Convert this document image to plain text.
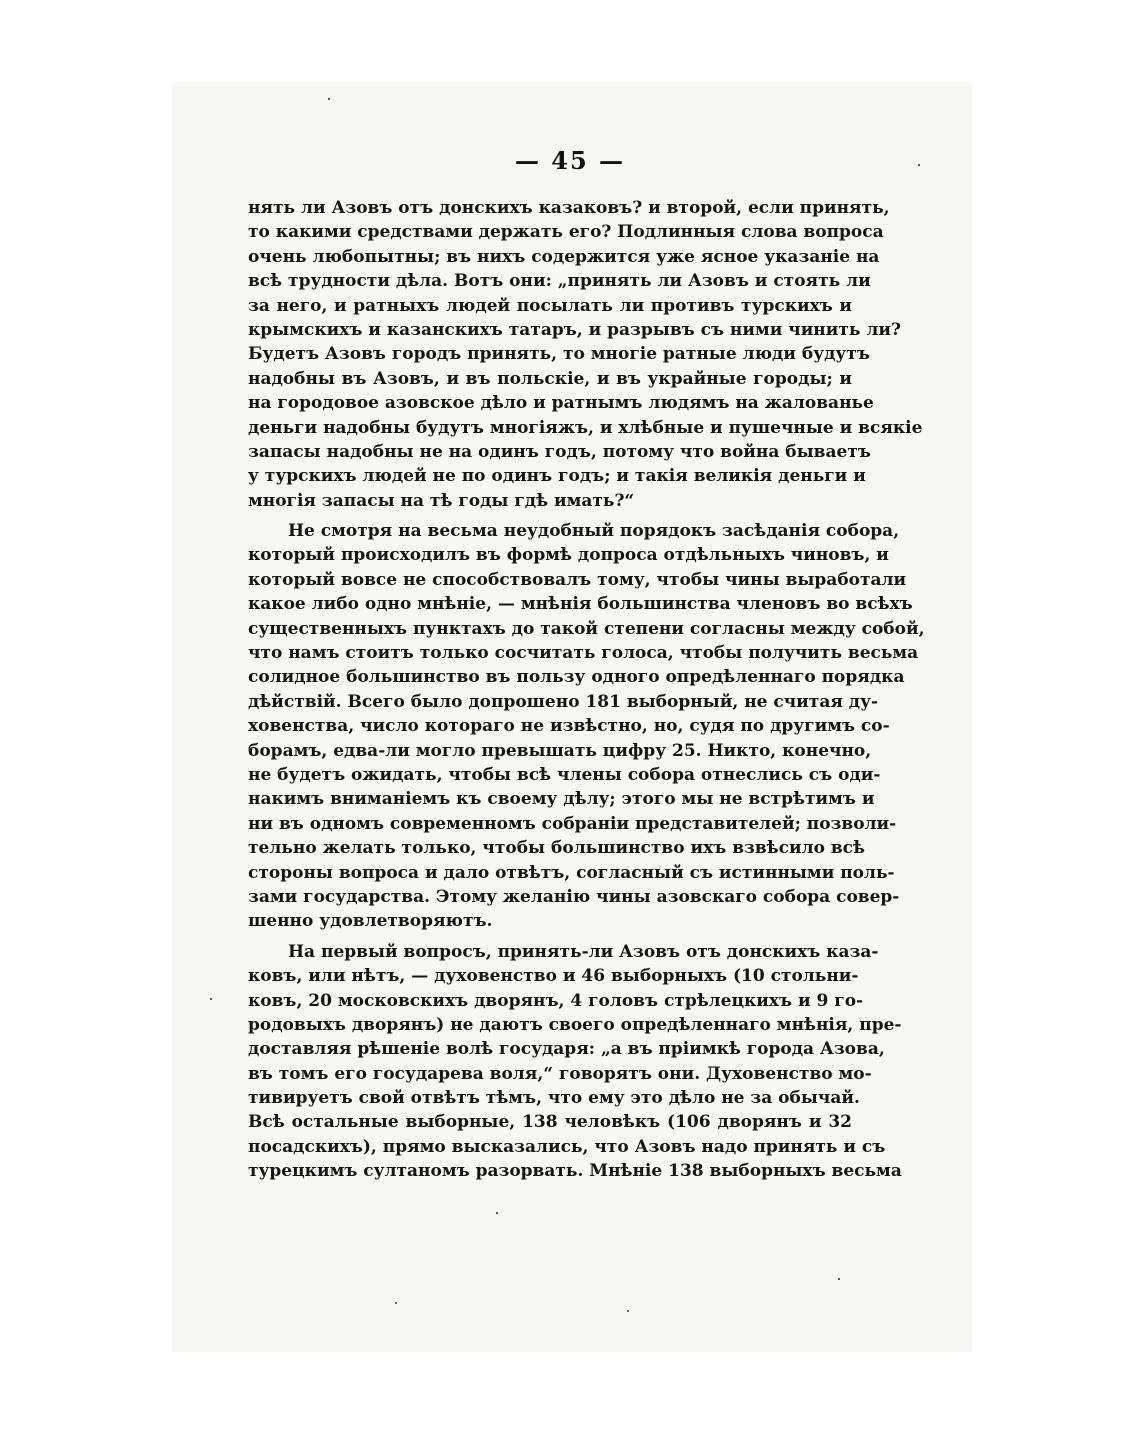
— 45 —
нять ли Азовъ отъ донскихъ казаковъ? и второй, если принять,
то какими средствами держать его? Подлинныя слова вопроса
очень любопытны; въ нихъ содержится уже ясное указаніе на
всѣ трудности дѣла. Вотъ они: „принять ли Азовъ и стоять ли
за него, и ратныхъ людей посылать ли противъ турскихъ и
крымскихъ и казанскихъ татаръ, и разрывъ съ ними чинить ли?
Будетъ Азовъ городъ принять, то многіе ратные люди будутъ
надобны въ Азовъ, и въ польскіе, и въ украйные городы; и
на городовое азовское дѣло и ратнымъ людямъ на жалованье
деньги надобны будутъ многіяжъ, и хлѣбные и пушечные и всякіе
запасы надобны не на одинъ годъ, потому что война бываетъ
у турскихъ людей не по одинъ годъ; и такія великія деньги и
многія запасы на тѣ годы гдѣ имать?“
Не смотря на весьма неудобный порядокъ засѣданія собора,
который происходилъ въ формѣ допроса отдѣльныхъ чиновъ, и
который вовсе не способствовалъ тому, чтобы чины выработали
какое либо одно мнѣніе, — мнѣнія большинства членовъ во всѣхъ
существенныхъ пунктахъ до такой степени согласны между собой,
что намъ стоитъ только сосчитать голоса, чтобы получить весьма
солидное большинство въ пользу одного опредѣленнаго порядка
дѣйствій. Всего было допрошено 181 выборный, не считая ду-
ховенства, число котораго не извѣстно, но, судя по другимъ со-
борамъ, едва-ли могло превышать цифру 25. Никто, конечно,
не будетъ ожидать, чтобы всѣ члены собора отнеслись съ оди-
накимъ вниманіемъ къ своему дѣлу; этого мы не встрѣтимъ и
ни въ одномъ современномъ собраніи представителей; позволи-
тельно желать только, чтобы большинство ихъ взвѣсило всѣ
стороны вопроса и дало отвѣтъ, согласный съ истинными поль-
зами государства. Этому желанію чины азовскаго собора совер-
шенно удовлетворяютъ.
На первый вопросъ, принять-ли Азовъ отъ донскихъ каза-
ковъ, или нѣтъ, — духовенство и 46 выборныхъ (10 стольни-
ковъ, 20 московскихъ дворянъ, 4 головъ стрѣлецкихъ и 9 го-
родовыхъ дворянъ) не даютъ своего опредѣленнаго мнѣнія, пре-
доставляя рѣшеніе волѣ государя: „а въ пріимкѣ города Азова,
въ томъ его государева воля,“ говорятъ они. Духовенство мо-
тивируетъ свой отвѣтъ тѣмъ, что ему это дѣло не за обычай.
Всѣ остальные выборные, 138 человѣкъ (106 дворянъ и 32
посадскихъ), прямо высказались, что Азовъ надо принять и съ
турецкимъ султаномъ разорвать. Мнѣніе 138 выборныхъ весьма
